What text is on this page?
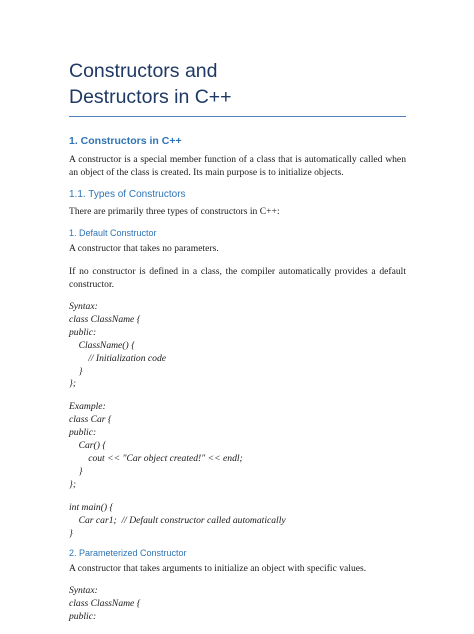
Constructors and
Destructors in C++
1. Constructors in C++

A constructor is a special member function of a class that is automatically called when an object of the class is created. Its main purpose is to initialize objects.

1.1. Types of Constructors

There are primarily three types of constructors in C++:

1. Default Constructor

A constructor that takes no parameters.

If no constructor is defined in a class, the compiler automatically provides a default constructor.

Syntax:
class ClassName {
public:
ClassName() {
// Initialization code
}
};
Example:
class Car {
public:
Car() {
cout << "Car object created!" << endl;
}
};
int main() {
Car car1;  // Default constructor called automatically
}
2. Parameterized Constructor

A constructor that takes arguments to initialize an object with specific values.

Syntax:
class ClassName {
public:
